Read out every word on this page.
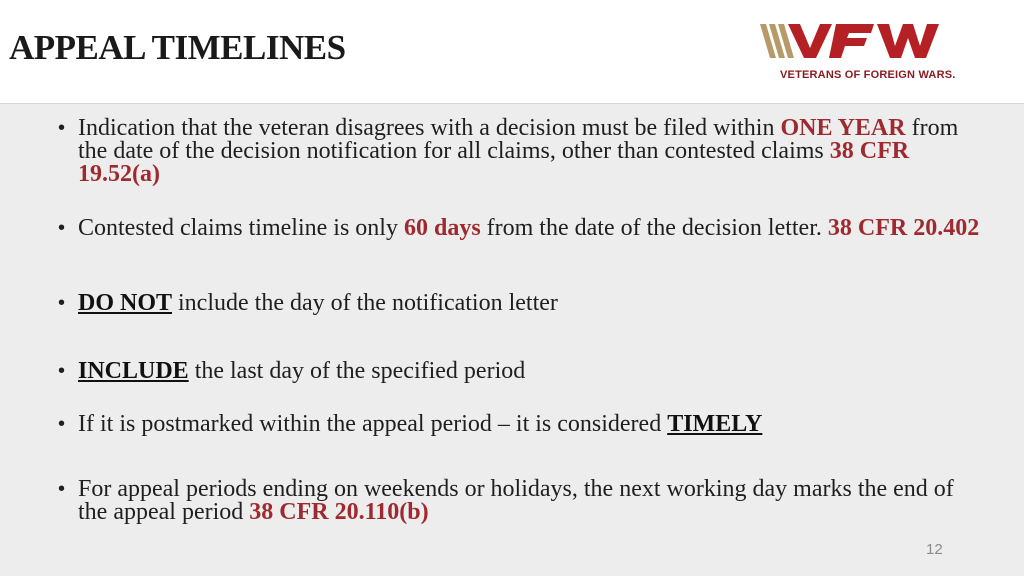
APPEAL TIMELINES
VETERANS OF FOREIGN WARS.
• Indication that the veteran disagrees with a decision must be filed within ONE YEAR from the date of the decision notification for all claims, other than contested claims 38 CFR 19.52(a)
• Contested claims timeline is only 60 days from the date of the decision letter. 38 CFR 20.402
• DO NOT include the day of the notification letter
• INCLUDE the last day of the specified period
• If it is postmarked within the appeal period – it is considered TIMELY
• For appeal periods ending on weekends or holidays, the next working day marks the end of the appeal period 38 CFR 20.110(b)
12
